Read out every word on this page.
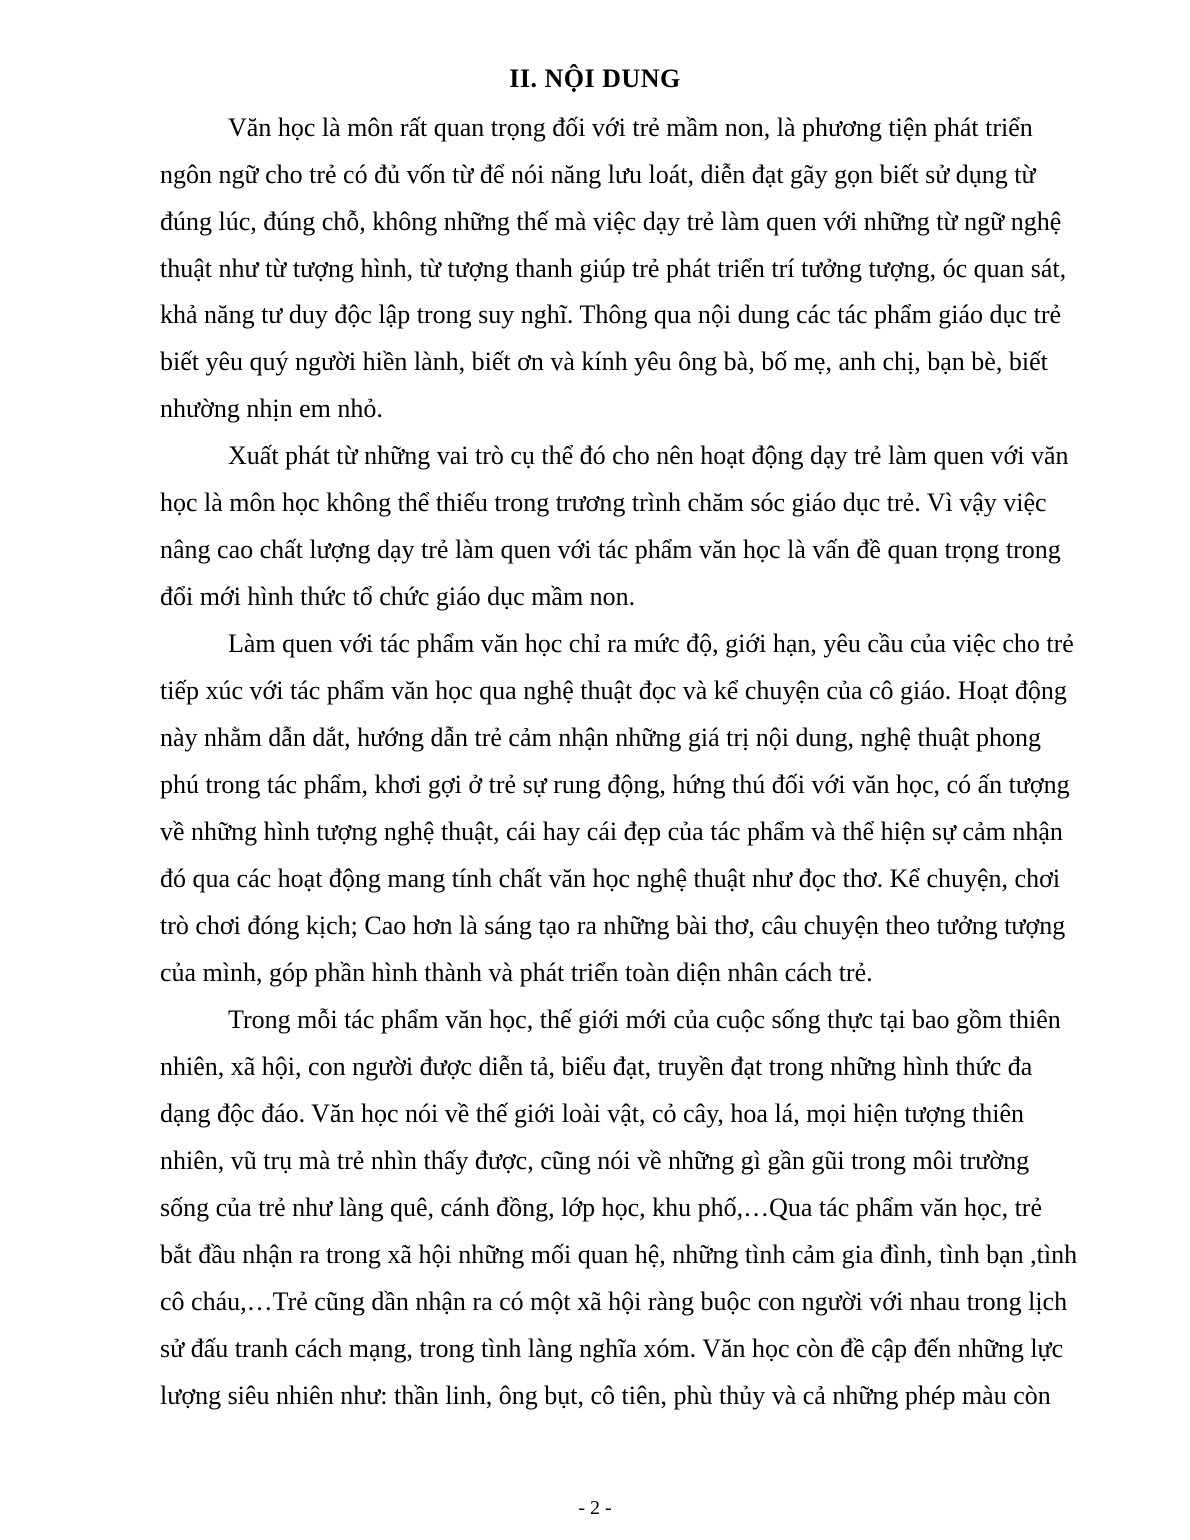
II. NỘI DUNG
Văn học là môn rất quan trọng đối với trẻ mầm non, là phương tiện phát triển
ngôn ngữ cho trẻ có đủ vốn từ để nói năng lưu loát, diễn đạt gãy gọn biết sử dụng từ
đúng lúc, đúng chỗ, không những thế mà việc dạy trẻ làm quen với những từ ngữ nghệ
thuật như từ tượng hình, từ tượng thanh giúp trẻ phát triển trí tưởng tượng, óc quan sát,
khả năng tư duy độc lập trong suy nghĩ. Thông qua nội dung các tác phẩm giáo dục trẻ
biết yêu quý người hiền lành, biết ơn và kính yêu ông bà, bố mẹ, anh chị, bạn bè, biết
nhường nhịn em nhỏ.
Xuất phát từ những vai trò cụ thể đó cho nên hoạt động dạy trẻ làm quen với văn
học là môn học không thể thiếu trong trương trình chăm sóc giáo dục trẻ. Vì vậy việc
nâng cao chất lượng dạy trẻ làm quen với tác phẩm văn học là vấn đề quan trọng trong
đổi mới hình thức tổ chức giáo dục mầm non.
Làm quen với tác phẩm văn học chỉ ra mức độ, giới hạn, yêu cầu của việc cho trẻ
tiếp xúc với tác phẩm văn học qua nghệ thuật đọc và kể chuyện của cô giáo. Hoạt động
này nhằm dẫn dắt, hướng dẫn trẻ cảm nhận những giá trị nội dung, nghệ thuật phong
phú trong tác phẩm, khơi gợi ở trẻ sự rung động, hứng thú đối với văn học, có ấn tượng
về những hình tượng nghệ thuật, cái hay cái đẹp của tác phẩm và thể hiện sự cảm nhận
đó qua các hoạt động mang tính chất văn học nghệ thuật như đọc thơ. Kể chuyện, chơi
trò chơi đóng kịch; Cao hơn là sáng tạo ra những bài thơ, câu chuyện theo tưởng tượng
của mình, góp phần hình thành và phát triển toàn diện nhân cách trẻ.
Trong mỗi tác phẩm văn học, thế giới mới của cuộc sống thực tại bao gồm thiên
nhiên, xã hội, con người được diễn tả, biểu đạt, truyền đạt trong những hình thức đa
dạng độc đáo. Văn học nói về thế giới loài vật, cỏ cây, hoa lá, mọi hiện tượng thiên
nhiên, vũ trụ mà trẻ nhìn thấy được, cũng nói về những gì gần gũi trong môi trường
sống của trẻ như làng quê, cánh đồng, lớp học, khu phố,…Qua tác phẩm văn học, trẻ
bắt đầu nhận ra trong xã hội những mối quan hệ, những tình cảm gia đình, tình bạn ,tình
cô cháu,…Trẻ cũng dần nhận ra có một xã hội ràng buộc con người với nhau trong lịch
sử đấu tranh cách mạng, trong tình làng nghĩa xóm. Văn học còn đề cập đến những lực
lượng siêu nhiên như: thần linh, ông bụt, cô tiên, phù thủy và cả những phép màu còn
- 2 -
